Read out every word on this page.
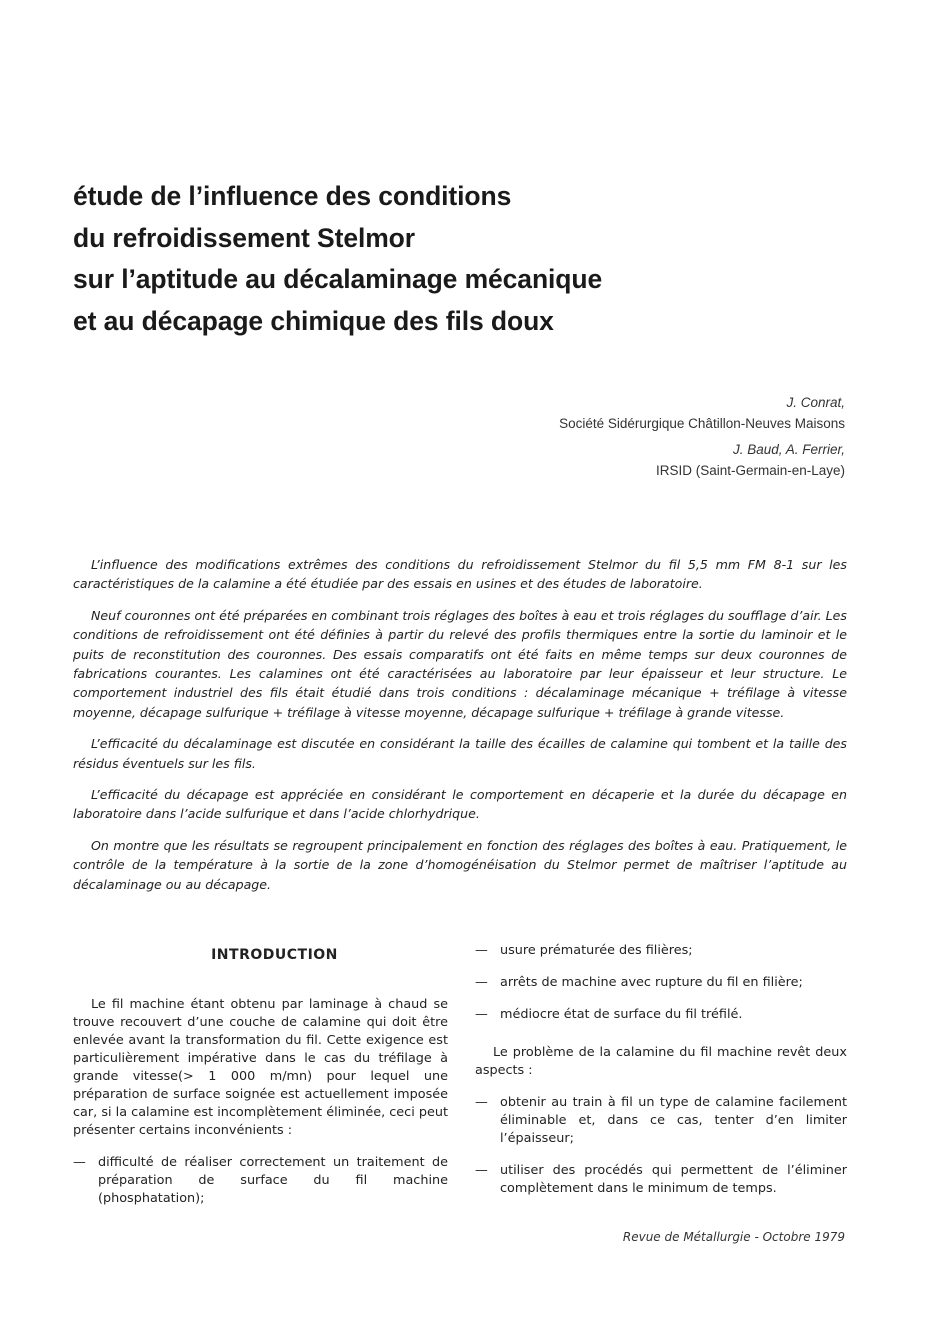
étude de l’influence des conditions
du refroidissement Stelmor
sur l’aptitude au décalaminage mécanique
et au décapage chimique des fils doux
J. Conrat,
Société Sidérurgique Châtillon-Neuves Maisons
J. Baud, A. Ferrier,
IRSID (Saint-Germain-en-Laye)

L’influence des modifications extrêmes des conditions du refroidissement Stelmor du fil 5,5 mm FM 8-1 sur les caractéristiques de la calamine a été étudiée par des essais en usines et des études de laboratoire.

Neuf couronnes ont été préparées en combinant trois réglages des boîtes à eau et trois réglages du soufflage d’air. Les conditions de refroidissement ont été définies à partir du relevé des profils thermiques entre la sortie du laminoir et le puits de reconstitution des couronnes. Des essais comparatifs ont été faits en même temps sur deux couronnes de fabrications courantes. Les calamines ont été caractérisées au laboratoire par leur épaisseur et leur structure. Le comportement industriel des fils était étudié dans trois conditions : décalaminage mécanique + tréfilage à vitesse moyenne, décapage sulfurique + tréfilage à vitesse moyenne, décapage sulfurique + tréfilage à grande vitesse.

L’efficacité du décalaminage est discutée en considérant la taille des écailles de calamine qui tombent et la taille des résidus éventuels sur les fils.

L’efficacité du décapage est appréciée en considérant le comportement en décaperie et la durée du décapage en laboratoire dans l’acide sulfurique et dans l’acide chlorhydrique.

On montre que les résultats se regroupent principalement en fonction des réglages des boîtes à eau. Pratiquement, le contrôle de la température à la sortie de la zone d’homogénéisation du Stelmor permet de maîtriser l’aptitude au décalaminage ou au décapage.

INTRODUCTION

Le fil machine étant obtenu par laminage à chaud se trouve recouvert d’une couche de calamine qui doit être enlevée avant la transformation du fil. Cette exigence est particulièrement impérative dans le cas du tréfilage à grande vitesse(> 1 000 m/mn) pour lequel une préparation de surface soignée est actuellement imposée car, si la calamine est incomplètement éliminée, ceci peut présenter certains inconvénients :

— difficulté de réaliser correctement un traitement de préparation de surface du fil machine (phosphatation);
— usure prématurée des filières;
— arrêts de machine avec rupture du fil en filière;
— médiocre état de surface du fil tréfilé.

Le problème de la calamine du fil machine revêt deux aspects :

— obtenir au train à fil un type de calamine facilement éliminable et, dans ce cas, tenter d’en limiter l’épaisseur;
— utiliser des procédés qui permettent de l’éliminer complètement dans le minimum de temps.
Revue de Métallurgie - Octobre 1979
